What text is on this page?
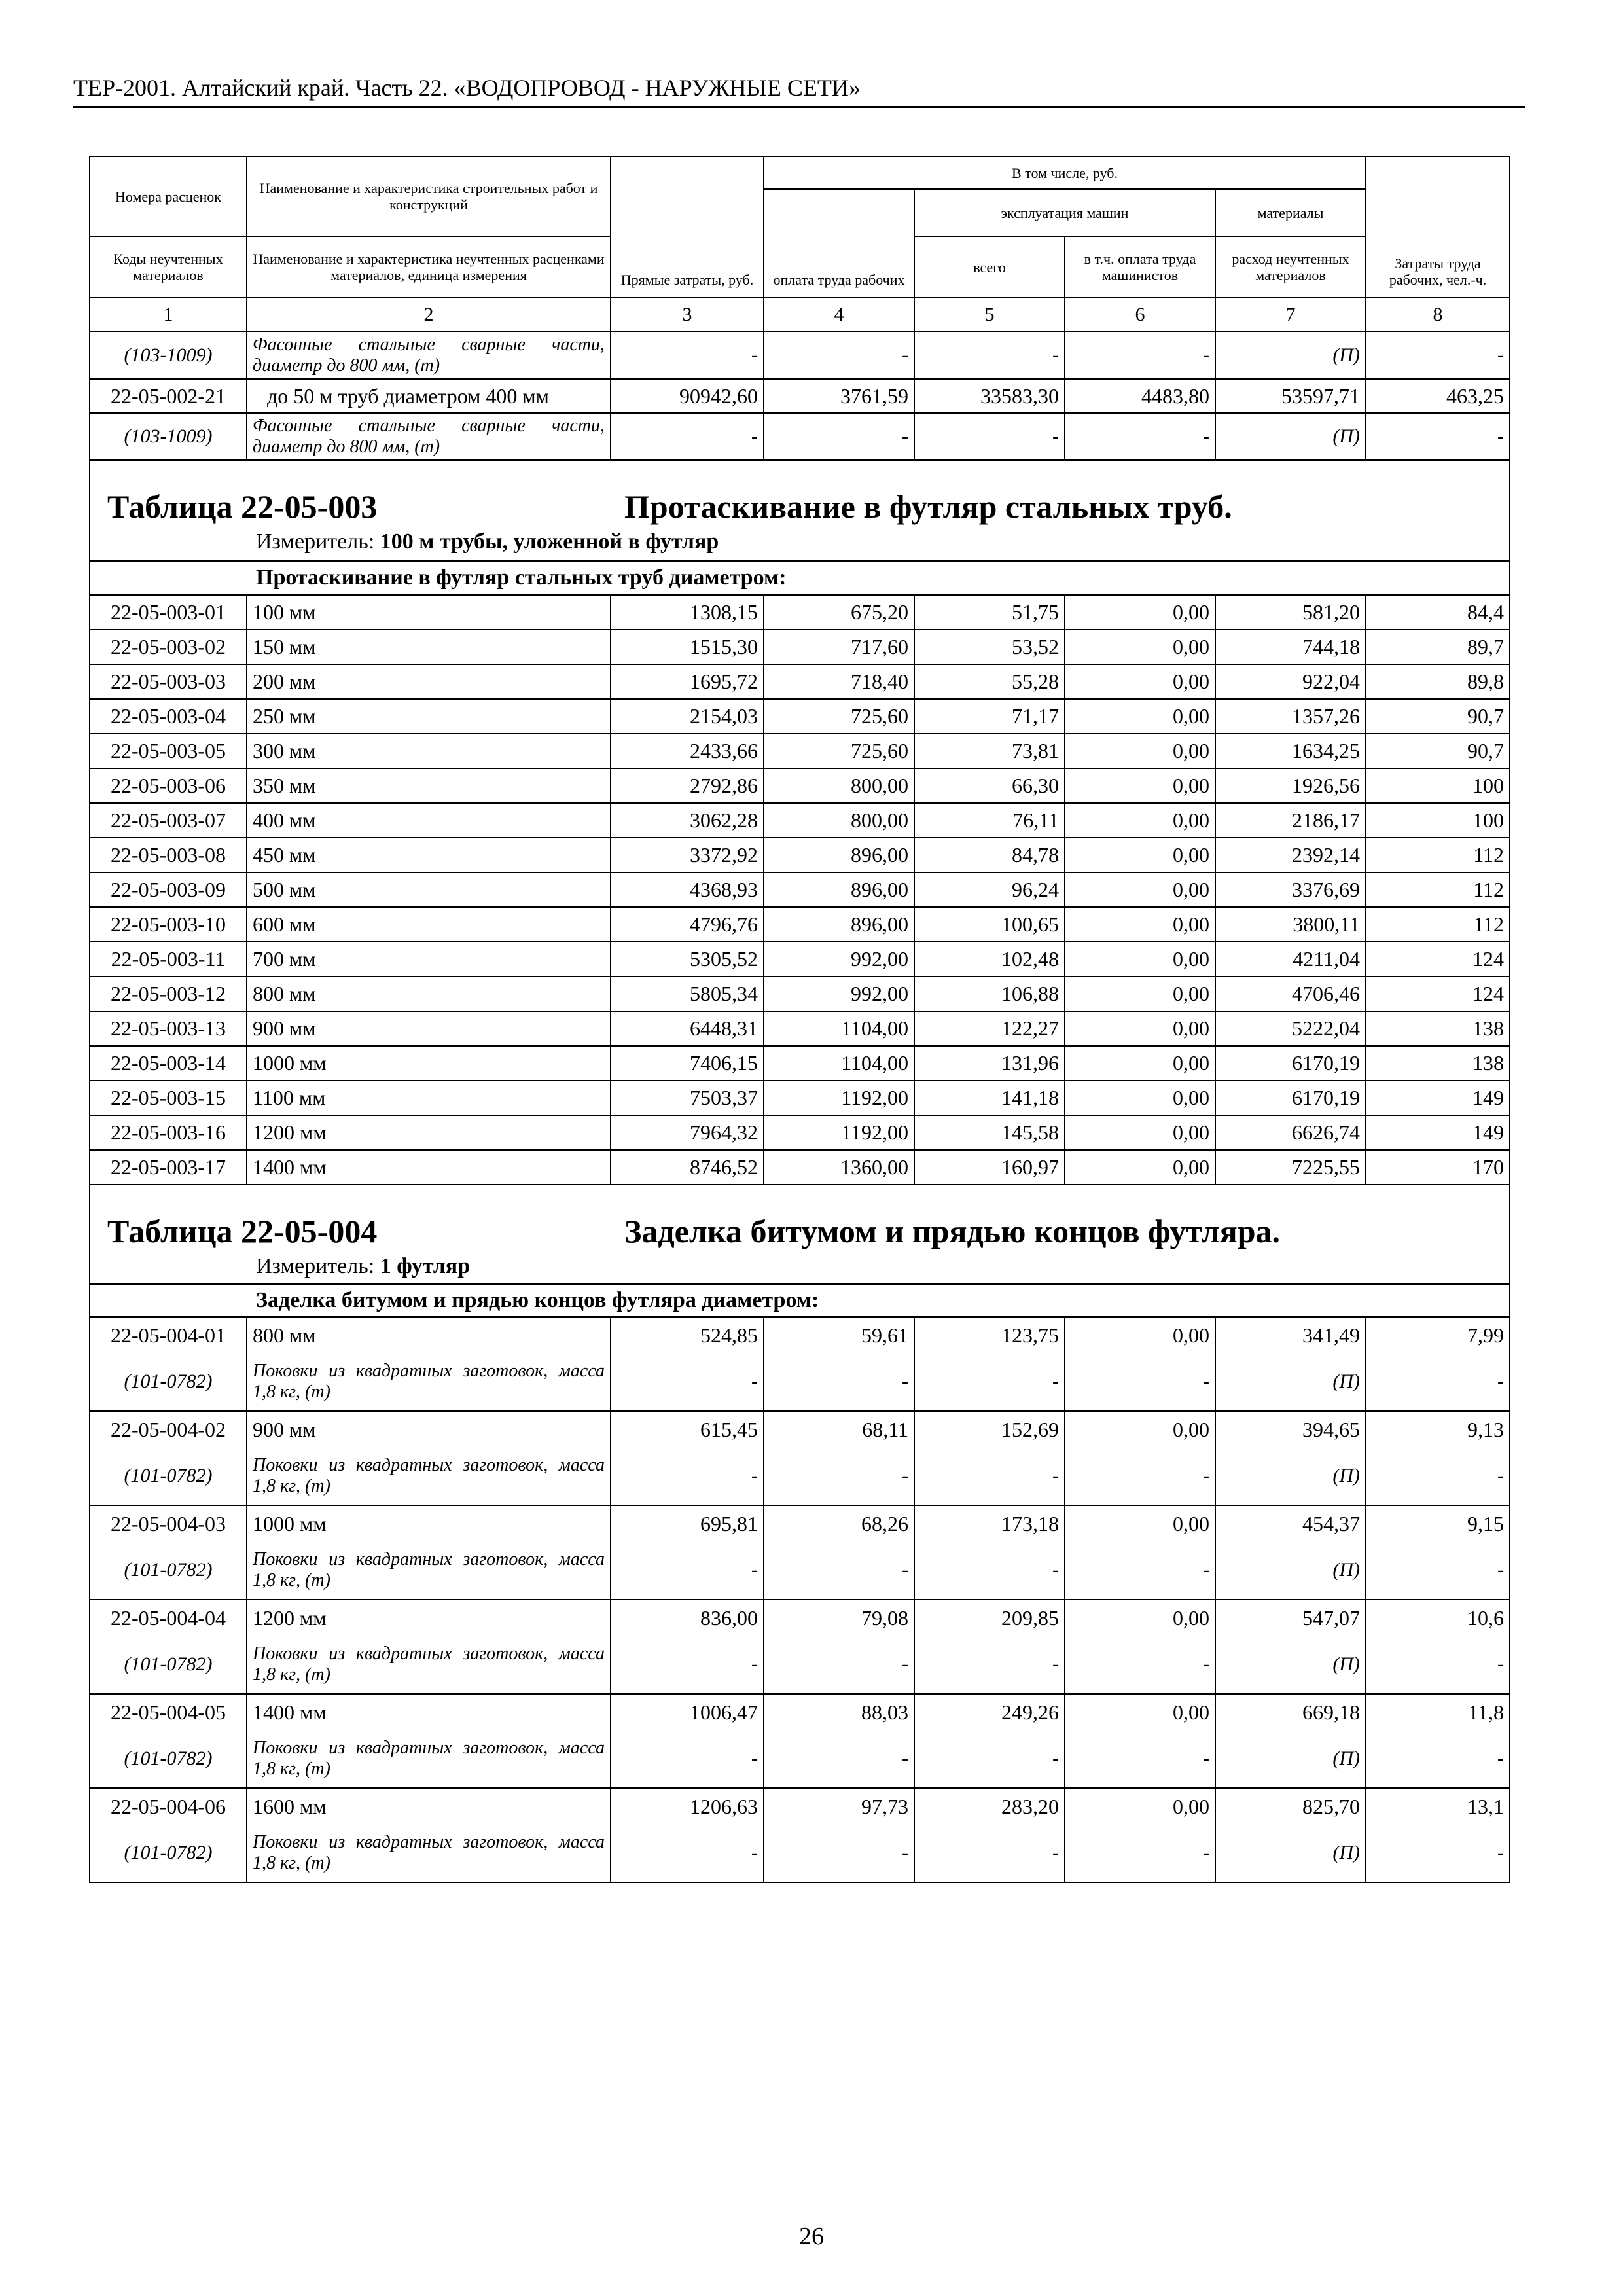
ТЕР-2001. Алтайский край. Часть 22. «ВОДОПРОВОД - НАРУЖНЫЕ СЕТИ»
Номера расценок	Наименование и характеристика строительных работ и конструкций	Прямые затраты, руб.	В том числе, руб.				Затраты труда рабочих, чел.-ч.
			оплата труда рабочих	эксплуатация машин		материалы	
Коды неучтенных материалов	Наименование и характеристика неучтенных расценками материалов, единица измерения			всего	в т.ч. оплата труда машинистов	расход неучтенных материалов	
1	2	3	4	5	6	7	8
(103-1009)	Фасонные стальные сварные части, диаметр до 800 мм, (т)	-	-	-	-	(П)	-
22-05-002-21	до 50 м труб диаметром 400 мм	90942,60	3761,59	33583,30	4483,80	53597,71	463,25
(103-1009)	Фасонные стальные сварные части, диаметр до 800 мм, (т)	-	-	-	-	(П)	-

Таблица 22-05-003 Протаскивание в футляр стальных труб.
Измеритель: 100 м трубы, уложенной в футляр							

Протаскивание в футляр стальных труб диаметром:							
22-05-003-01	100 мм	1308,15	675,20	51,75	0,00	581,20	84,4
22-05-003-02	150 мм	1515,30	717,60	53,52	0,00	744,18	89,7
22-05-003-03	200 мм	1695,72	718,40	55,28	0,00	922,04	89,8
22-05-003-04	250 мм	2154,03	725,60	71,17	0,00	1357,26	90,7
22-05-003-05	300 мм	2433,66	725,60	73,81	0,00	1634,25	90,7
22-05-003-06	350 мм	2792,86	800,00	66,30	0,00	1926,56	100
22-05-003-07	400 мм	3062,28	800,00	76,11	0,00	2186,17	100
22-05-003-08	450 мм	3372,92	896,00	84,78	0,00	2392,14	112
22-05-003-09	500 мм	4368,93	896,00	96,24	0,00	3376,69	112
22-05-003-10	600 мм	4796,76	896,00	100,65	0,00	3800,11	112
22-05-003-11	700 мм	5305,52	992,00	102,48	0,00	4211,04	124
22-05-003-12	800 мм	5805,34	992,00	106,88	0,00	4706,46	124
22-05-003-13	900 мм	6448,31	1104,00	122,27	0,00	5222,04	138
22-05-003-14	1000 мм	7406,15	1104,00	131,96	0,00	6170,19	138
22-05-003-15	1100 мм	7503,37	1192,00	141,18	0,00	6170,19	149
22-05-003-16	1200 мм	7964,32	1192,00	145,58	0,00	6626,74	149
22-05-003-17	1400 мм	8746,52	1360,00	160,97	0,00	7225,55	170

Таблица 22-05-004 Заделка битумом и прядью концов футляра.
Измеритель: 1 футляр							

Заделка битумом и прядью концов футляра диаметром:							
22-05-004-01	800 мм	524,85	59,61	123,75	0,00	341,49	7,99
(101-0782)	Поковки из квадратных заготовок, масса 1,8 кг, (т)	-	-	-	-	(П)	-
22-05-004-02	900 мм	615,45	68,11	152,69	0,00	394,65	9,13
(101-0782)	Поковки из квадратных заготовок, масса 1,8 кг, (т)	-	-	-	-	(П)	-
22-05-004-03	1000 мм	695,81	68,26	173,18	0,00	454,37	9,15
(101-0782)	Поковки из квадратных заготовок, масса 1,8 кг, (т)	-	-	-	-	(П)	-
22-05-004-04	1200 мм	836,00	79,08	209,85	0,00	547,07	10,6
(101-0782)	Поковки из квадратных заготовок, масса 1,8 кг, (т)	-	-	-	-	(П)	-
22-05-004-05	1400 мм	1006,47	88,03	249,26	0,00	669,18	11,8
(101-0782)	Поковки из квадратных заготовок, масса 1,8 кг, (т)	-	-	-	-	(П)	-
22-05-004-06	1600 мм	1206,63	97,73	283,20	0,00	825,70	13,1
(101-0782)	Поковки из квадратных заготовок, масса 1,8 кг, (т)	-	-	-	-	(П)	-
26
